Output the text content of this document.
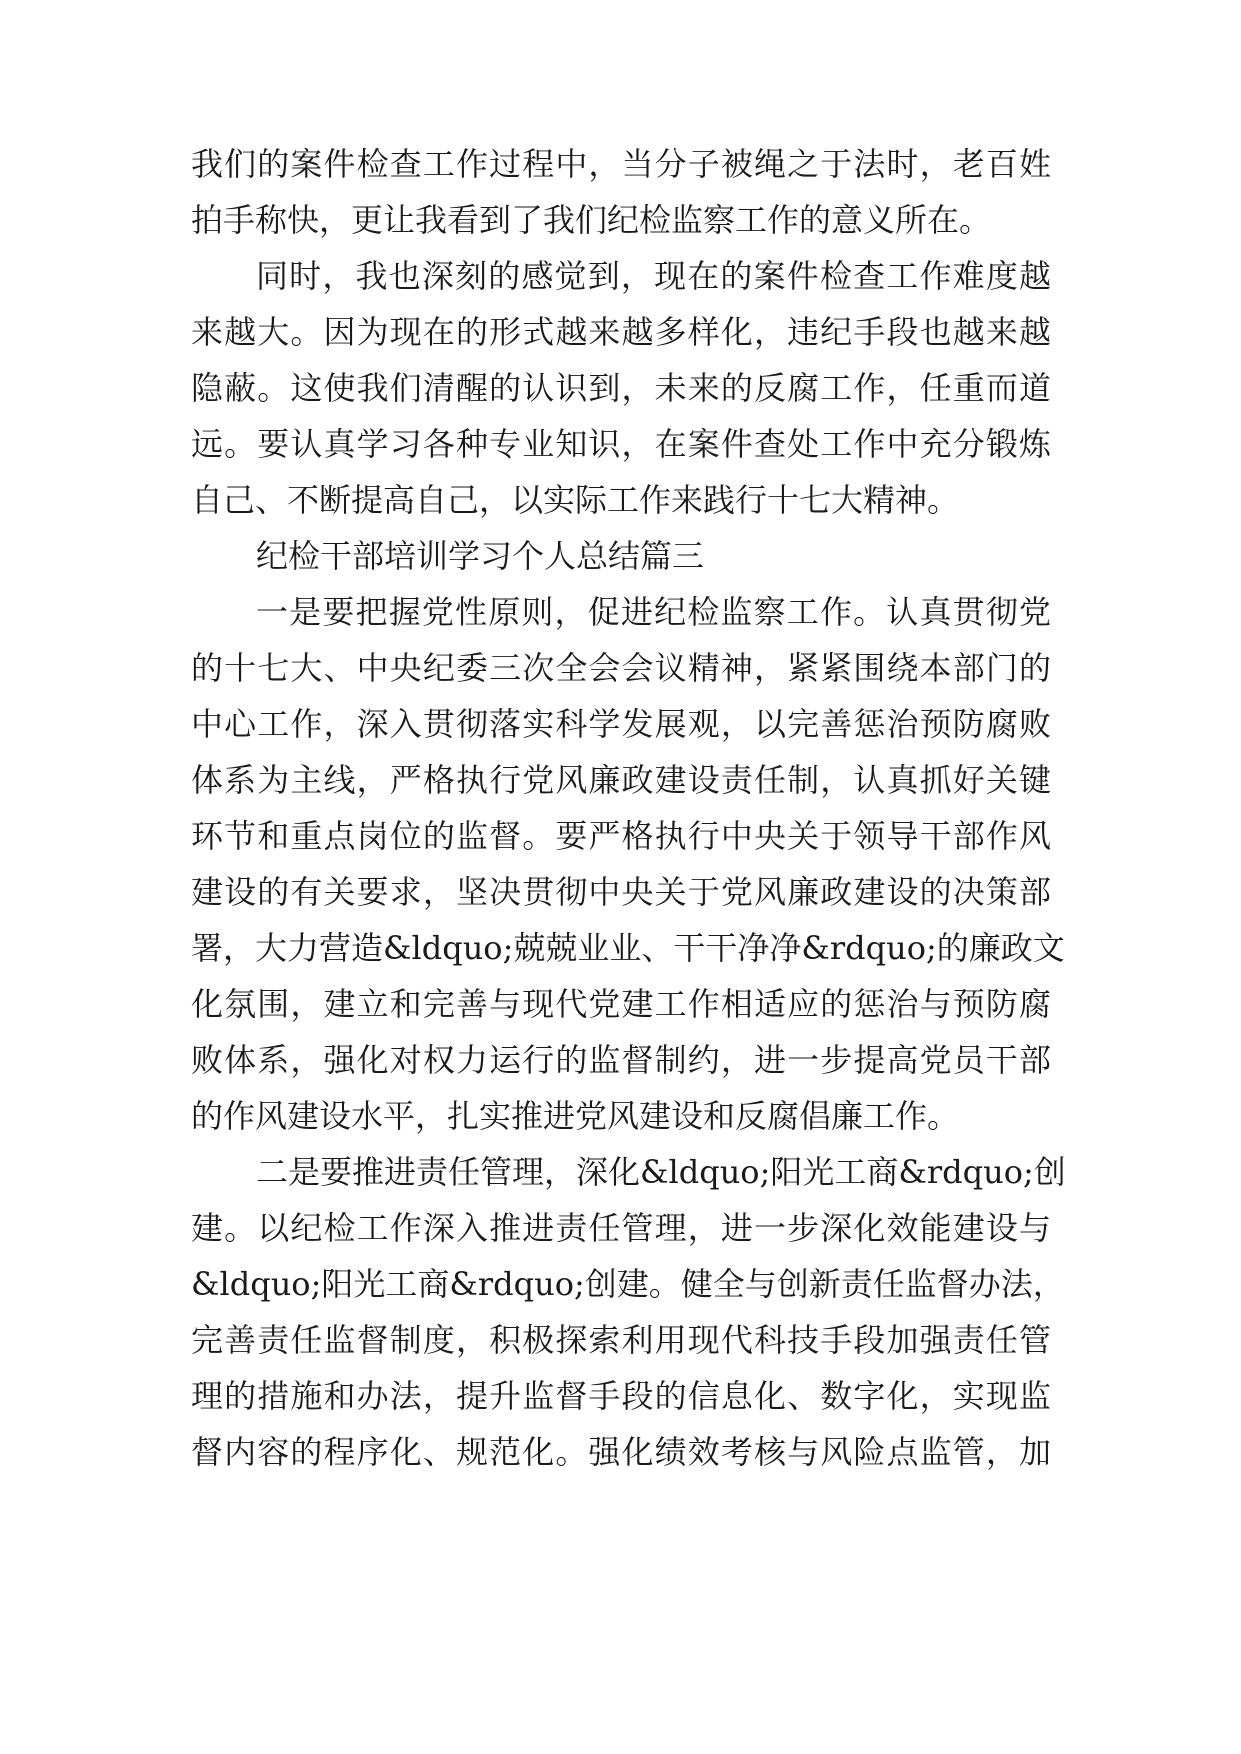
我们的案件检查工作过程中，当分子被绳之于法时，老百姓
拍手称快，更让我看到了我们纪检监察工作的意义所在。
同时，我也深刻的感觉到，现在的案件检查工作难度越
来越大。因为现在的形式越来越多样化，违纪手段也越来越
隐蔽。这使我们清醒的认识到，未来的反腐工作，任重而道
远。要认真学习各种专业知识，在案件查处工作中充分锻炼
自己、不断提高自己，以实际工作来践行十七大精神。
纪检干部培训学习个人总结篇三
一是要把握党性原则，促进纪检监察工作。认真贯彻党
的十七大、中央纪委三次全会会议精神，紧紧围绕本部门的
中心工作，深入贯彻落实科学发展观，以完善惩治预防腐败
体系为主线，严格执行党风廉政建设责任制，认真抓好关键
环节和重点岗位的监督。要严格执行中央关于领导干部作风
建设的有关要求，坚决贯彻中央关于党风廉政建设的决策部
署，大力营造&ldquo;兢兢业业、干干净净&rdquo;的廉政文
化氛围，建立和完善与现代党建工作相适应的惩治与预防腐
败体系，强化对权力运行的监督制约，进一步提高党员干部
的作风建设水平，扎实推进党风建设和反腐倡廉工作。
二是要推进责任管理，深化&ldquo;阳光工商&rdquo;创
建。以纪检工作深入推进责任管理，进一步深化效能建设与
&ldquo;阳光工商&rdquo;创建。健全与创新责任监督办法，
完善责任监督制度，积极探索利用现代科技手段加强责任管
理的措施和办法，提升监督手段的信息化、数字化，实现监
督内容的程序化、规范化。强化绩效考核与风险点监管，加
